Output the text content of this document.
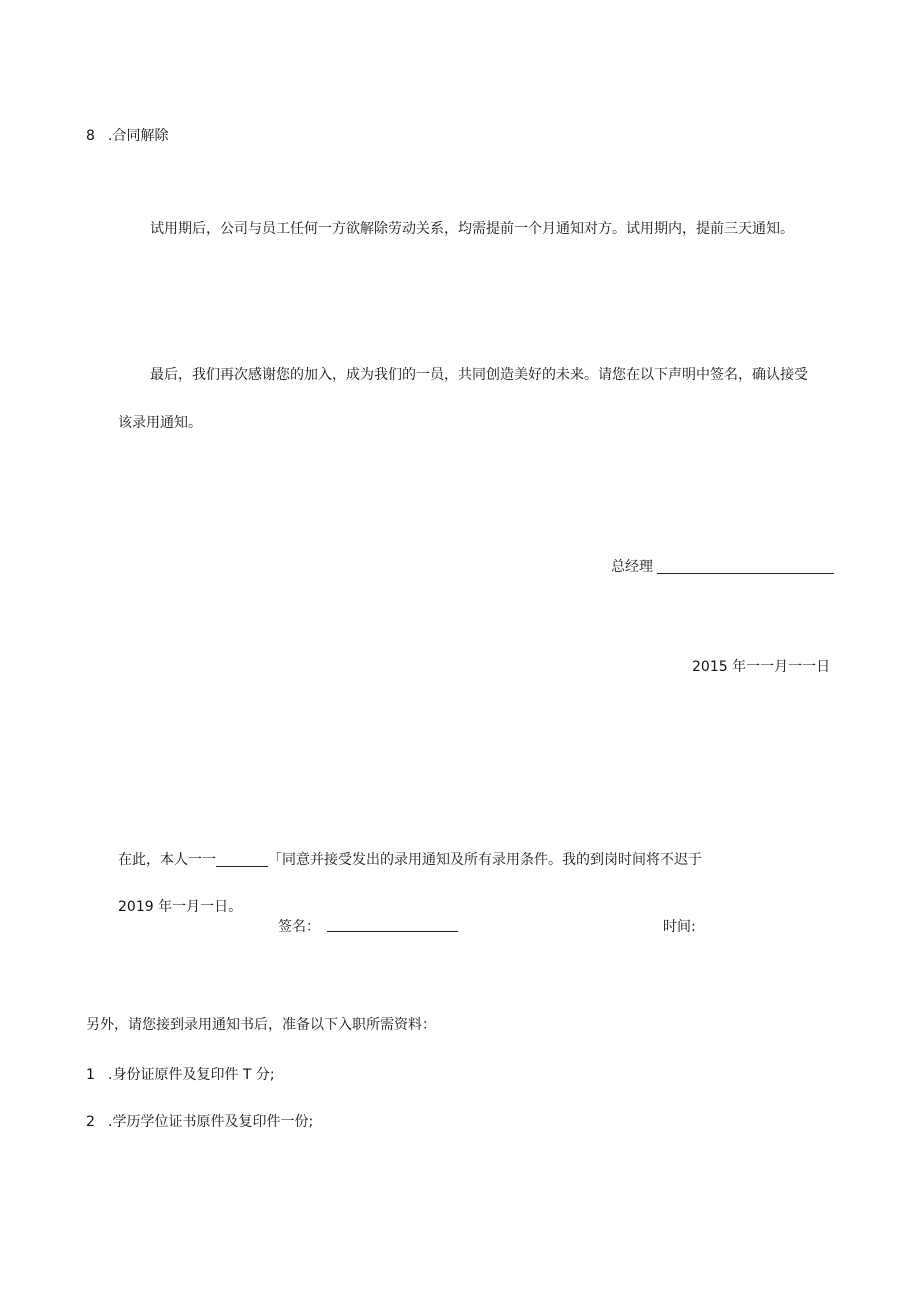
8 .合同解除
试用期后，公司与员工任何一方欲解除劳动关系，均需提前一个月通知对方。试用期内，提前三天通知。
最后，我们再次感谢您的加入，成为我们的一员，共同创造美好的未来。请您在以下声明中签名，确认接受
该录用通知。
总经理
2015 年一一月一一日
在此，本人一一	「同意并接受发出的录用通知及所有录用条件。我的到岗时间将不迟于
2019 年一月一日。
签名：	时间:
另外，请您接到录用通知书后，准备以下入职所需资料：
1 .身份证原件及复印件 T 分;
2 .学历学位证书原件及复印件一份;
